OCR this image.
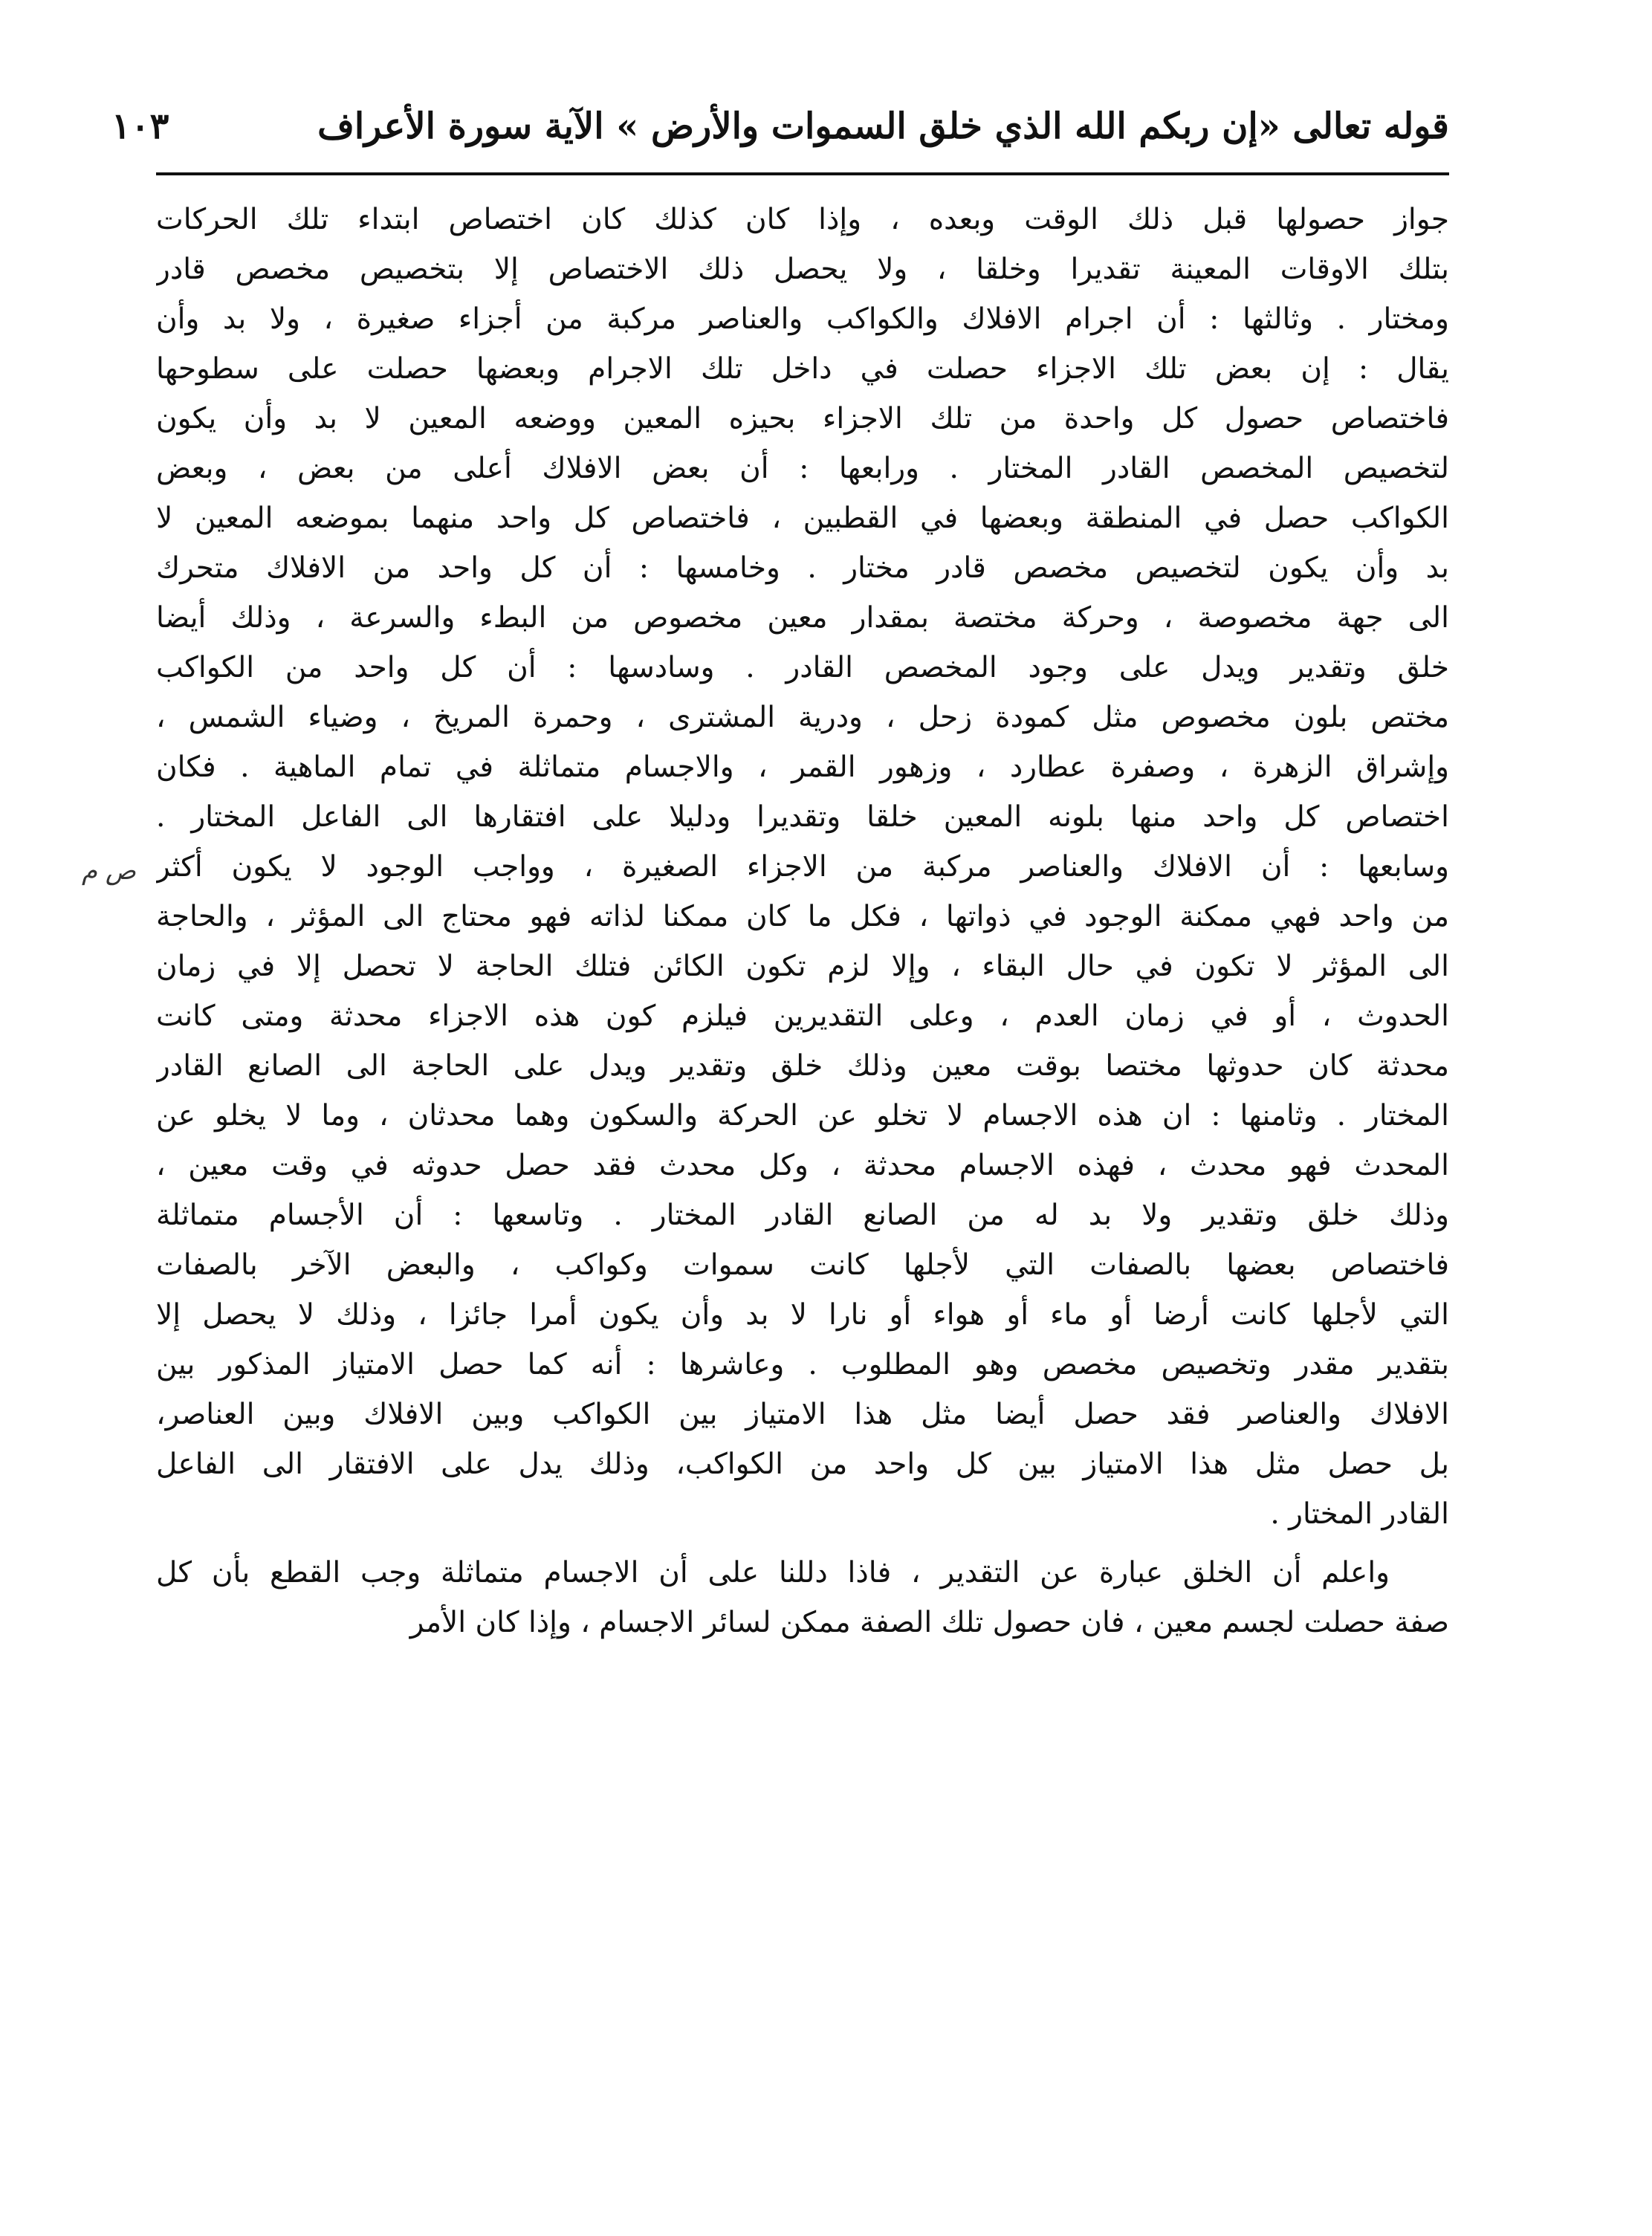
قوله تعالى «إن ربكم الله الذي خلق السموات والأرض » الآية سورة الأعراف
١٠٣
ص م
جواز حصولها قبل ذلك الوقت وبعده ، وإذا كان كذلك كان اختصاص ابتداء تلك الحركات
بتلك الاوقات المعينة تقديرا وخلقا ، ولا يحصل ذلك الاختصاص إلا بتخصيص مخصص قادر
ومختار . وثالثها : أن اجرام الافلاك والكواكب والعناصر مركبة من أجزاء صغيرة ، ولا بد وأن
يقال : إن بعض تلك الاجزاء حصلت في داخل تلك الاجرام وبعضها حصلت على سطوحها
فاختصاص حصول كل واحدة من تلك الاجزاء بحيزه المعين ووضعه المعين لا بد وأن يكون
لتخصيص المخصص القادر المختار . ورابعها : أن بعض الافلاك أعلى من بعض ، وبعض
الكواكب حصل في المنطقة وبعضها في القطبين ، فاختصاص كل واحد منهما بموضعه المعين لا
بد وأن يكون لتخصيص مخصص قادر مختار . وخامسها : أن كل واحد من الافلاك متحرك
الى جهة مخصوصة ، وحركة مختصة بمقدار معين مخصوص من البطء والسرعة ، وذلك أيضا
خلق وتقدير ويدل على وجود المخصص القادر . وسادسها : أن كل واحد من الكواكب
مختص بلون مخصوص مثل كمودة زحل ، ودرية المشترى ، وحمرة المريخ ، وضياء الشمس ،
وإشراق الزهرة ، وصفرة عطارد ، وزهور القمر ، والاجسام متماثلة في تمام الماهية . فكان
اختصاص كل واحد منها بلونه المعين خلقا وتقديرا ودليلا على افتقارها الى الفاعل المختار .
وسابعها : أن الافلاك والعناصر مركبة من الاجزاء الصغيرة ، وواجب الوجود لا يكون أكثر
من واحد فهي ممكنة الوجود في ذواتها ، فكل ما كان ممكنا لذاته فهو محتاج الى المؤثر ، والحاجة
الى المؤثر لا تكون في حال البقاء ، وإلا لزم تكون الكائن فتلك الحاجة لا تحصل إلا في زمان
الحدوث ، أو في زمان العدم ، وعلى التقديرين فيلزم كون هذه الاجزاء محدثة ومتى كانت
محدثة كان حدوثها مختصا بوقت معين وذلك خلق وتقدير ويدل على الحاجة الى الصانع القادر
المختار . وثامنها : ان هذه الاجسام لا تخلو عن الحركة والسكون وهما محدثان ، وما لا يخلو عن
المحدث فهو محدث ، فهذه الاجسام محدثة ، وكل محدث فقد حصل حدوثه في وقت معين ،
وذلك خلق وتقدير ولا بد له من الصانع القادر المختار . وتاسعها : أن الأجسام متماثلة
فاختصاص بعضها بالصفات التي لأجلها كانت سموات وكواكب ، والبعض الآخر بالصفات
التي لأجلها كانت أرضا أو ماء أو هواء أو نارا لا بد وأن يكون أمرا جائزا ، وذلك لا يحصل إلا
بتقدير مقدر وتخصيص مخصص وهو المطلوب . وعاشرها : أنه كما حصل الامتياز المذكور بين
الافلاك والعناصر فقد حصل أيضا مثل هذا الامتياز بين الكواكب وبين الافلاك وبين العناصر،
بل حصل مثل هذا الامتياز بين كل واحد من الكواكب، وذلك يدل على الافتقار الى الفاعل
القادر المختار .
واعلم أن الخلق عبارة عن التقدير ، فاذا دللنا على أن الاجسام متماثلة وجب القطع بأن كل
صفة حصلت لجسم معين ، فان حصول تلك الصفة ممكن لسائر الاجسام ، وإذا كان الأمر
